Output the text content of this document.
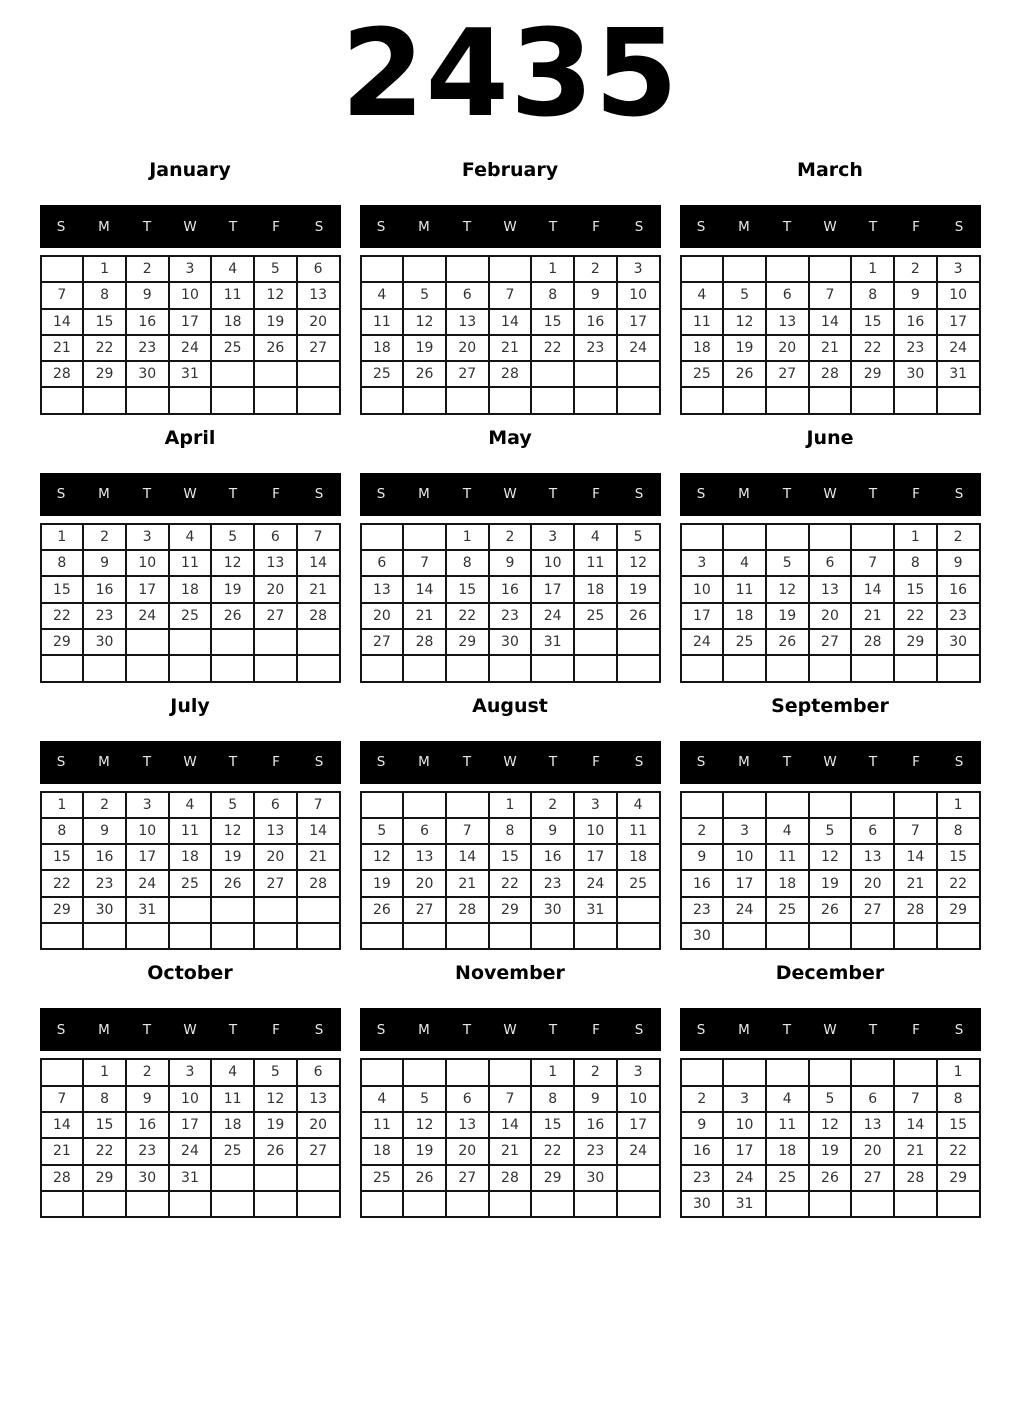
2435
January
S	M	T	W	T	F	S
	1	2	3	4	5	6
7	8	9	10	11	12	13
14	15	16	17	18	19	20
21	22	23	24	25	26	27
28	29	30	31			

February
S	M	T	W	T	F	S
				1	2	3
4	5	6	7	8	9	10
11	12	13	14	15	16	17
18	19	20	21	22	23	24
25	26	27	28			

March
S	M	T	W	T	F	S
				1	2	3
4	5	6	7	8	9	10
11	12	13	14	15	16	17
18	19	20	21	22	23	24
25	26	27	28	29	30	31

April
S	M	T	W	T	F	S
1	2	3	4	5	6	7
8	9	10	11	12	13	14
15	16	17	18	19	20	21
22	23	24	25	26	27	28
29	30					

May
S	M	T	W	T	F	S
		1	2	3	4	5
6	7	8	9	10	11	12
13	14	15	16	17	18	19
20	21	22	23	24	25	26
27	28	29	30	31		

June
S	M	T	W	T	F	S
					1	2
3	4	5	6	7	8	9
10	11	12	13	14	15	16
17	18	19	20	21	22	23
24	25	26	27	28	29	30

July
S	M	T	W	T	F	S
1	2	3	4	5	6	7
8	9	10	11	12	13	14
15	16	17	18	19	20	21
22	23	24	25	26	27	28
29	30	31				

August
S	M	T	W	T	F	S
			1	2	3	4
5	6	7	8	9	10	11
12	13	14	15	16	17	18
19	20	21	22	23	24	25
26	27	28	29	30	31	

September
S	M	T	W	T	F	S
						1
2	3	4	5	6	7	8
9	10	11	12	13	14	15
16	17	18	19	20	21	22
23	24	25	26	27	28	29
30						
October
S	M	T	W	T	F	S
	1	2	3	4	5	6
7	8	9	10	11	12	13
14	15	16	17	18	19	20
21	22	23	24	25	26	27
28	29	30	31			

November
S	M	T	W	T	F	S
				1	2	3
4	5	6	7	8	9	10
11	12	13	14	15	16	17
18	19	20	21	22	23	24
25	26	27	28	29	30	

December
S	M	T	W	T	F	S
						1
2	3	4	5	6	7	8
9	10	11	12	13	14	15
16	17	18	19	20	21	22
23	24	25	26	27	28	29
30	31					
